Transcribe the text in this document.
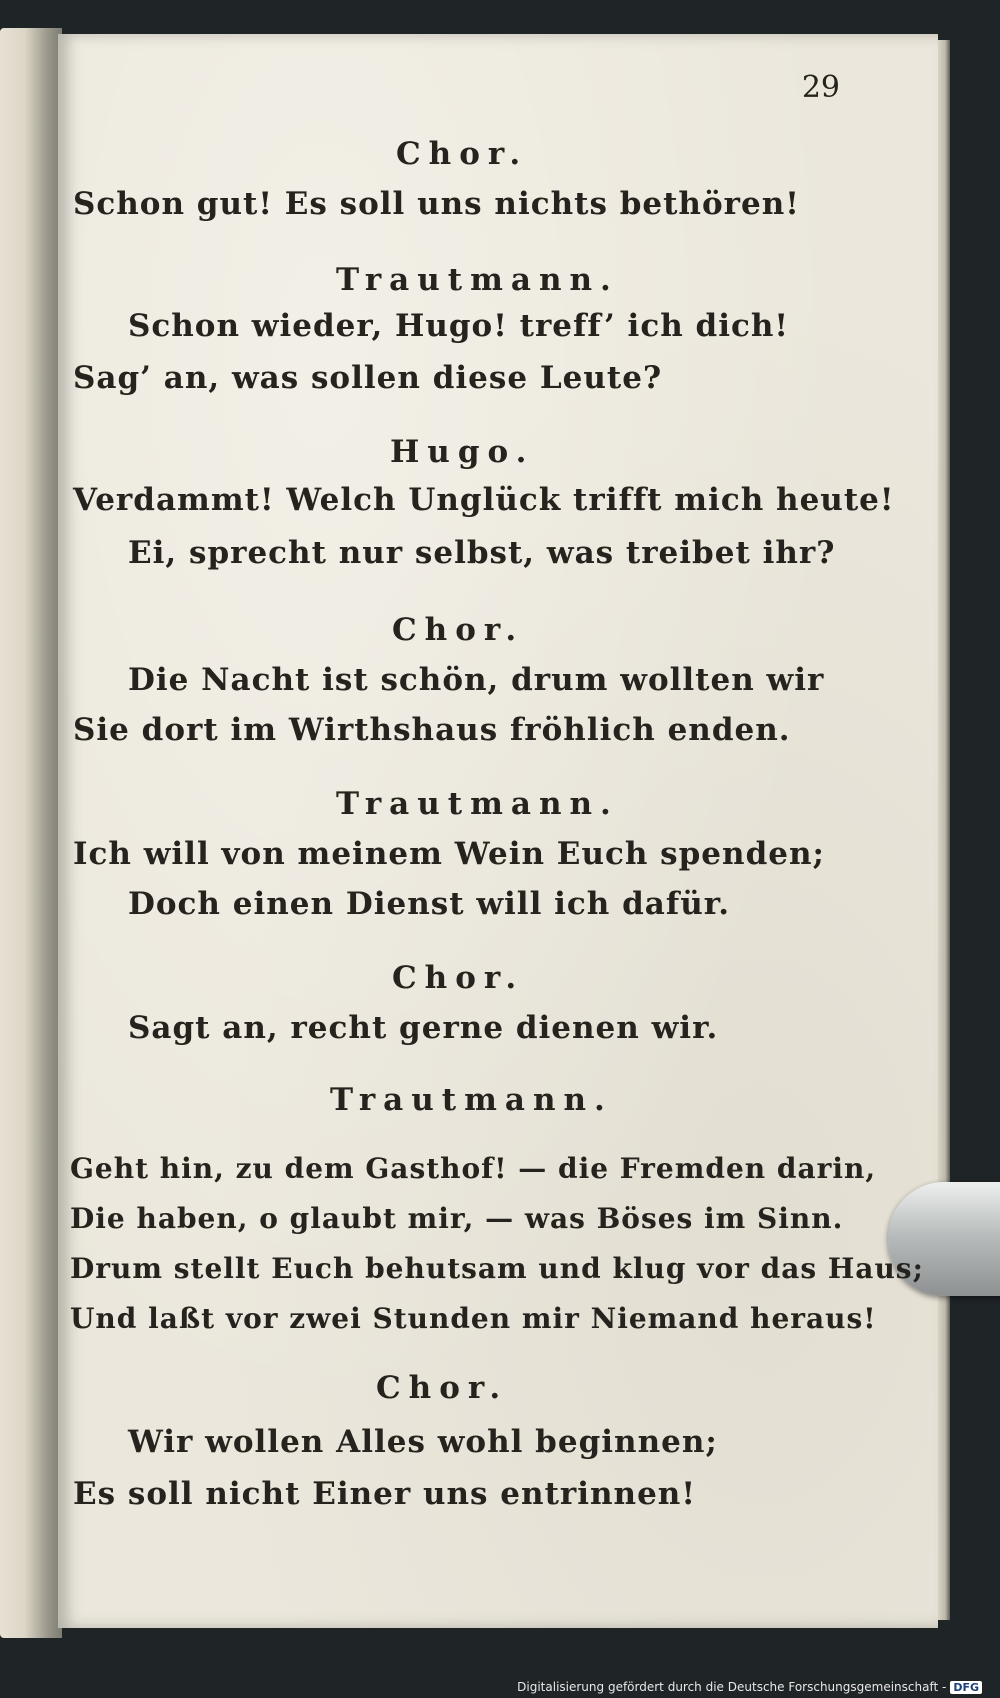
29
Chor.
Schon gut! Es soll uns nichts bethören!
Trautmann.
Schon wieder, Hugo! treff’ ich dich!
Sag’ an, was sollen diese Leute?
Hugo.
Verdammt! Welch Unglück trifft mich heute!
Ei, sprecht nur selbst, was treibet ihr?
Chor.
Die Nacht ist schön, drum wollten wir
Sie dort im Wirthshaus fröhlich enden.
Trautmann.
Ich will von meinem Wein Euch spenden;
Doch einen Dienst will ich dafür.
Chor.
Sagt an, recht gerne dienen wir.
Trautmann.
Geht hin, zu dem Gasthof! — die Fremden darin,
Die haben, o glaubt mir, — was Böses im Sinn.
Drum stellt Euch behutsam und klug vor das Haus;
Und laßt vor zwei Stunden mir Niemand heraus!
Chor.
Wir wollen Alles wohl beginnen;
Es soll nicht Einer uns entrinnen!
Digitalisierung gefördert durch die Deutsche Forschungsgemeinschaft - DFG
